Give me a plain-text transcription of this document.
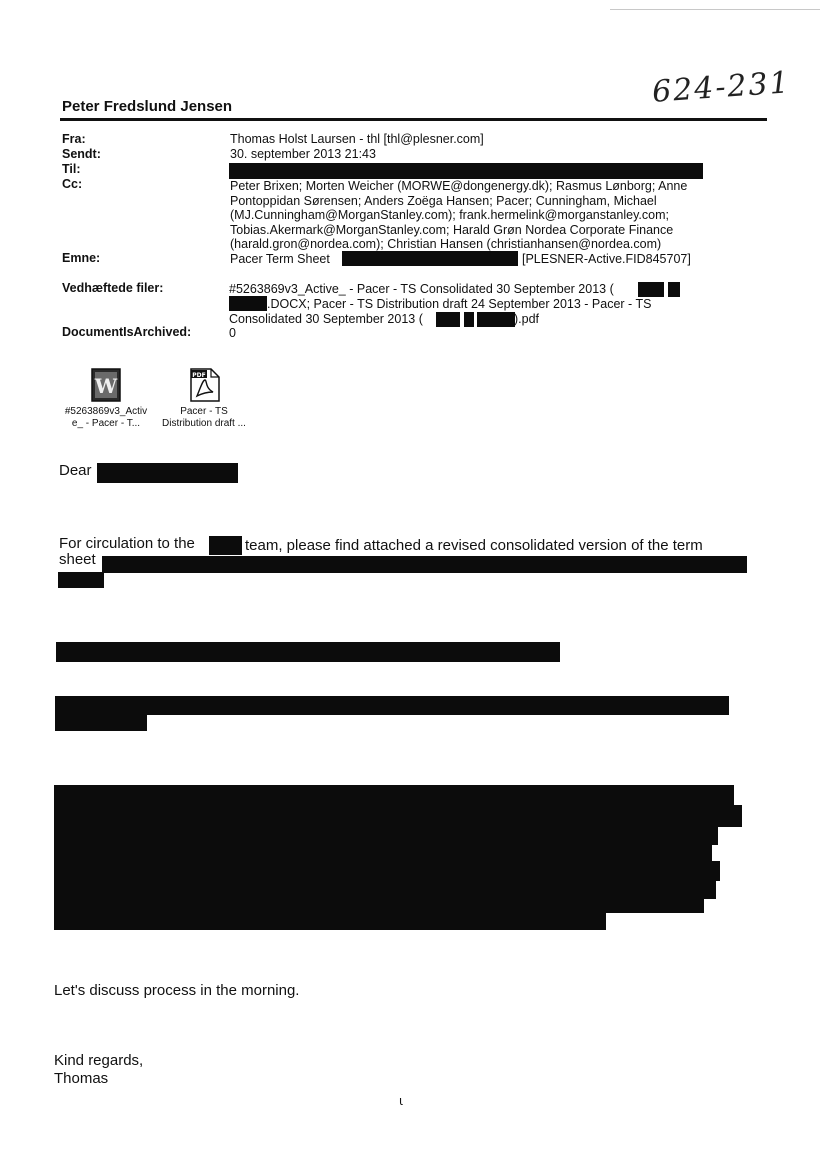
624-231
Peter Fredslund Jensen
Fra:	Thomas Holst Laursen - thl [thl@plesner.com]
Sendt:	30. september 2013 21:43
Til:
Cc:	Peter Brixen; Morten Weicher (MORWE@dongenergy.dk); Rasmus Lønborg; Anne
Pontoppidan Sørensen; Anders Zoëga Hansen; Pacer; Cunningham, Michael
(MJ.Cunningham@MorganStanley.com); frank.hermelink@morganstanley.com;
Tobias.Akermark@MorganStanley.com; Harald Grøn Nordea Corporate Finance
(harald.gron@nordea.com); Christian Hansen (christianhansen@nordea.com)
Emne:	Pacer Term Sheet	[PLESNER-Active.FID845707]
Vedhæftede filer:	#5263869v3_Active_ - Pacer - TS Consolidated 30 September 2013 (
.DOCX; Pacer - TS Distribution draft 24 September 2013 - Pacer - TS
Consolidated 30 September 2013 (	).pdf
DocumentIsArchived:	0
W
#5263869v3_Activ
e_ - Pacer - T...
PDF
Pacer - TS
Distribution draft ...
Dear
For circulation to the	team, please find attached a revised consolidated version of the term
sheet
Let's discuss process in the morning.
Kind regards,
Thomas
ι
